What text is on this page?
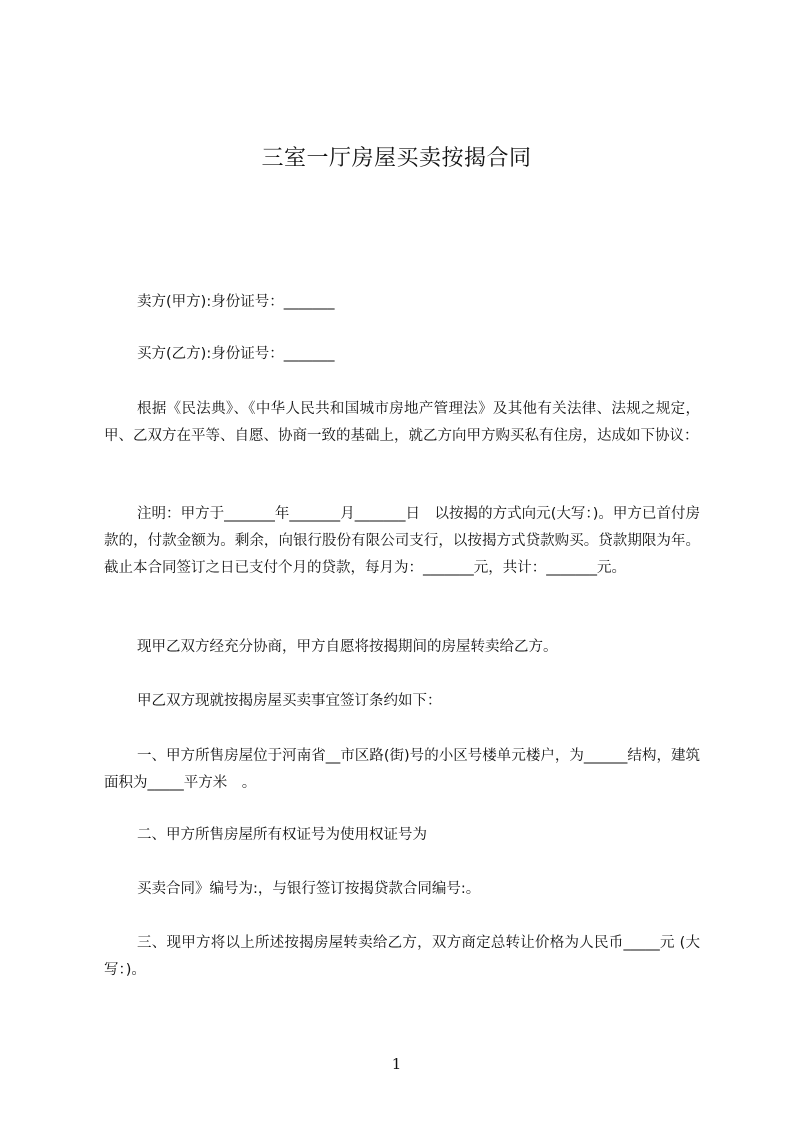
三室一厅房屋买卖按揭合同
卖方(甲方):身份证号：_______
买方(乙方):身份证号：_______
根据《民法典》、《中华人民共和国城市房地产管理法》及其他有关法律、法规之规定，甲、乙双方在平等、自愿、协商一致的基础上，就乙方向甲方购买私有住房，达成如下协议：
注明：甲方于_______年_______月_______日　以按揭的方式向元(大写：)。甲方已首付房款的，付款金额为。剩余，向银行股份有限公司支行，以按揭方式贷款购买。贷款期限为年。截止本合同签订之日已支付个月的贷款，每月为：_______元，共计：_______元。
现甲乙双方经充分协商，甲方自愿将按揭期间的房屋转卖给乙方。
甲乙双方现就按揭房屋买卖事宜签订条约如下：
一、甲方所售房屋位于河南省__市区路(街)号的小区号楼单元楼户，为______结构，建筑面积为_____平方米　。
二、甲方所售房屋所有权证号为使用权证号为
买卖合同》编号为:，与银行签订按揭贷款合同编号:。
三、现甲方将以上所述按揭房屋转卖给乙方，双方商定总转让价格为人民币_____元 (大写：)。
1
